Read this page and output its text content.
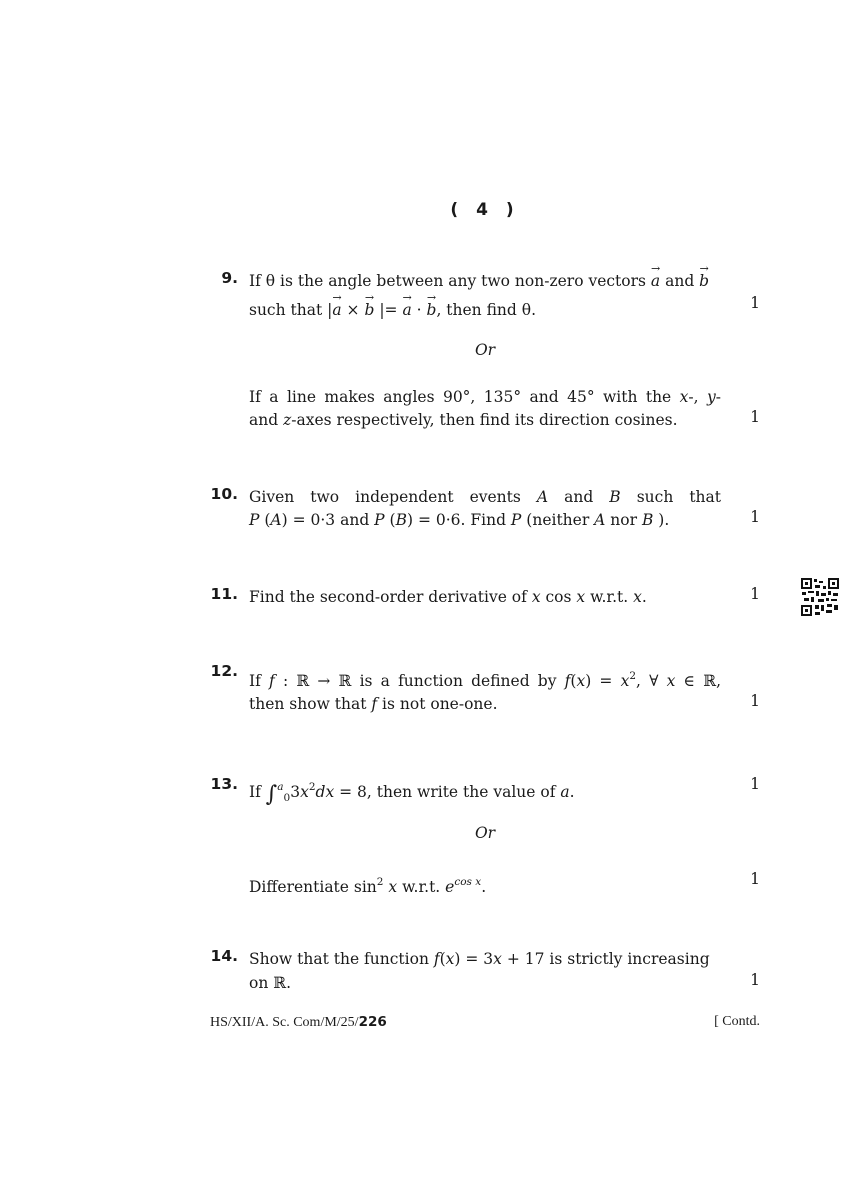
( 4 )
9. If θ is the angle between any two non-zero vectors → a and → b
such that |→ a × → b |= → a · → b, then find θ.	1
Or
If a line makes angles 90°, 135° and 45° with the x-, y-
and z-axes respectively, then find its direction cosines.	1
10. Given two independent events A and B such that
P (A) = 0·3 and P (B) = 0·6. Find P (neither A nor B ).	1
11. Find the second-order derivative of x cos x w.r.t. x.	1
12.
If f : ℝ → ℝ is a function defined by $f(x) = x^2$, ∀ x ∈ ℝ,
then show that f is not one-one.	1
13. If $\int^a_03x^2dx = 8$, then write the value of a.	1
Or
Differentiate $\sin^2 x$ w.r.t. $e^{cos x}$.	1
14. Show that the function f(x) = 3x + 17 is strictly increasing
on ℝ.	1
HS/XII/A. Sc. Com/M/25/226	[ Contd.
